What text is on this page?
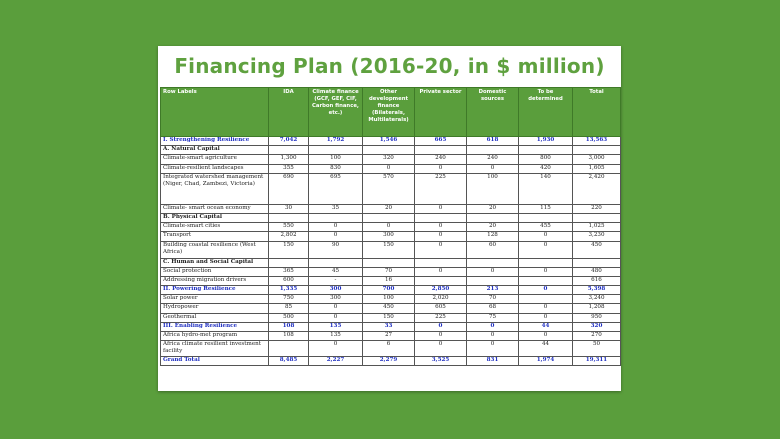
Financing Plan (2016-20, in $ million)
Row Labels	IDA	Climate finance (GCF, GEF, CIF, Carbon finance, etc.)	Other development finance (Bilaterals, Multilaterals)	Private sector	Domestic sources	To be determined	Total
I. Strengthening Resilience	7,042	1,792	1,546	665	618	1,930	13,563
A. Natural Capital							
Climate-smart agriculture	1,300	100	320	240	240	800	3,000
Climate-resilient landscapes	355	830	0	0	0	420	1,605
Integrated watershed management (Niger, Chad, Zambezi, Victoria)	690	695	570	225	100	140	2,420
Climate- smart ocean economy	30	35	20	0	20	115	220
B. Physical Capital							
Climate-smart cities	550	0	0	0	20	455	1,025
Transport	2,802	0	300	0	128	0	3,230
Building coastal resilience (West Africa)	150	90	150	0	60	0	450
C. Human and Social Capital							
Social protection	365	45	70	0	0	0	480
Addressing migration drivers	600	-	16				616
II. Powering Resilience	1,335	300	700	2,850	213	0	5,398
Solar power	750	300	100	2,020	70		3,240
Hydropower	85	0	450	605	68	0	1,208
Geothermal	500	0	150	225	75	0	950
III. Enabling Resilience	108	135	33	0	0	44	320
Africa hydro-met program	108	135	27	0	0	0	270
Africa climate resilient investment facility		0	6	0	0	44	50
Grand Total	8,485	2,227	2,279	3,525	831	1,974	19,311
